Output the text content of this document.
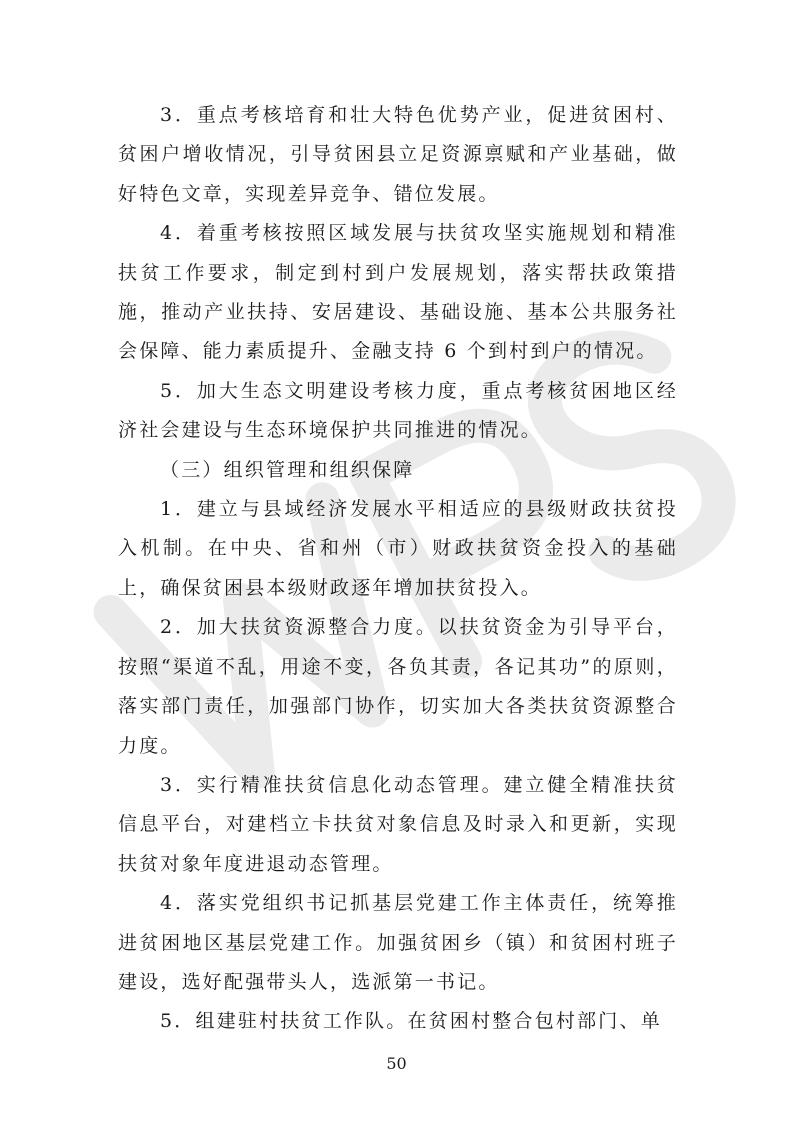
3．重点考核培育和壮大特色优势产业，促进贫困村、贫困户增收情况，引导贫困县立足资源禀赋和产业基础，做好特色文章，实现差异竞争、错位发展。

4．着重考核按照区域发展与扶贫攻坚实施规划和精准扶贫工作要求，制定到村到户发展规划，落实帮扶政策措施，推动产业扶持、安居建设、基础设施、基本公共服务社会保障、能力素质提升、金融支持 6 个到村到户的情况。

5．加大生态文明建设考核力度，重点考核贫困地区经济社会建设与生态环境保护共同推进的情况。

（三）组织管理和组织保障

1．建立与县域经济发展水平相适应的县级财政扶贫投入机制。在中央、省和州（市）财政扶贫资金投入的基础上，确保贫困县本级财政逐年增加扶贫投入。

2．加大扶贫资源整合力度。以扶贫资金为引导平台，按照“渠道不乱，用途不变，各负其责，各记其功”的原则，落实部门责任，加强部门协作，切实加大各类扶贫资源整合力度。

3．实行精准扶贫信息化动态管理。建立健全精准扶贫信息平台，对建档立卡扶贫对象信息及时录入和更新，实现扶贫对象年度进退动态管理。

4．落实党组织书记抓基层党建工作主体责任，统筹推进贫困地区基层党建工作。加强贫困乡（镇）和贫困村班子建设，选好配强带头人，选派第一书记。

5．组建驻村扶贫工作队。在贫困村整合包村部门、单

50
